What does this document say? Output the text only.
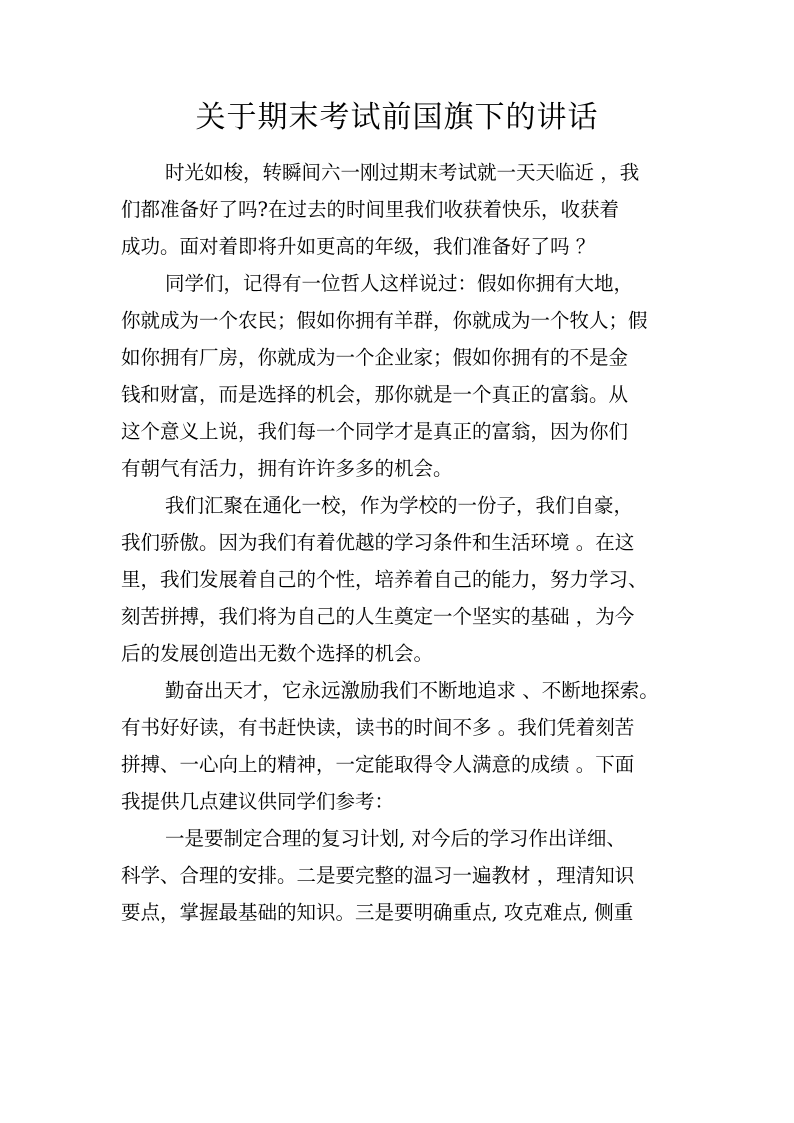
关于期末考试前国旗下的讲话
时光如梭，转瞬间六一刚过期末考试就一天天临近 ，我
们都准备好了吗?在过去的时间里我们收获着快乐，收获着
成功。面对着即将升如更高的年级，我们准备好了吗 ？
同学们，记得有一位哲人这样说过：假如你拥有大地，
你就成为一个农民；假如你拥有羊群，你就成为一个牧人；假
如你拥有厂房，你就成为一个企业家；假如你拥有的不是金
钱和财富，而是选择的机会，那你就是一个真正的富翁。从
这个意义上说，我们每一个同学才是真正的富翁，因为你们
有朝气有活力，拥有许许多多的机会。
我们汇聚在通化一校，作为学校的一份子，我们自豪，
我们骄傲。因为我们有着优越的学习条件和生活环境 。在这
里，我们发展着自己的个性，培养着自己的能力，努力学习、
刻苦拼搏，我们将为自己的人生奠定一个坚实的基础 ，为今
后的发展创造出无数个选择的机会。
勤奋出天才，它永远激励我们不断地追求 、不断地探索。
有书好好读，有书赶快读，读书的时间不多 。我们凭着刻苦
拼搏、一心向上的精神，一定能取得令人满意的成绩 。下面
我提供几点建议供同学们参考：
一是要制定合理的复习计划, 对今后的学习作出详细、
科学、合理的安排。二是要完整的温习一遍教材 ，理清知识
要点，掌握最基础的知识。三是要明确重点, 攻克难点, 侧重
